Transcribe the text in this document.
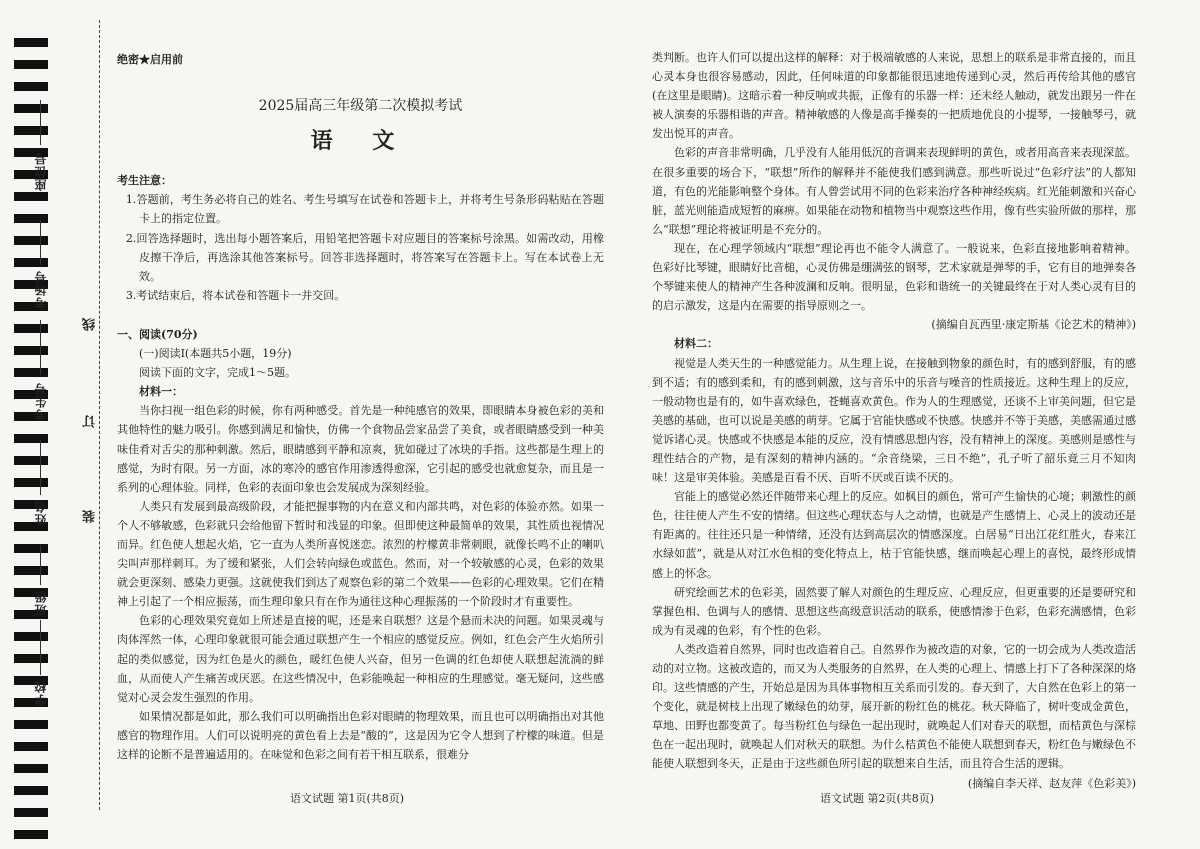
座位号
考场号
考生号
姓名
班级
学校
线
订
装

绝密★启用前

2025届高三年级第二次模拟考试
语 文

考生注意：

1.答题前，考生务必将自己的姓名、考生号填写在试卷和答题卡上，并将考生号条形码粘贴在答题卡上的指定位置。

2.回答选择题时，选出每小题答案后，用铅笔把答题卡对应题目的答案标号涂黑。如需改动，用橡皮擦干净后，再选涂其他答案标号。回答非选择题时，将答案写在答题卡上。写在本试卷上无效。

3.考试结束后，将本试卷和答题卡一并交回。

一、阅读(70分)

(一)阅读Ⅰ(本题共5小题，19分)

阅读下面的文字，完成1～5题。

材料一：

当你扫视一组色彩的时候，你有两种感受。首先是一种纯感官的效果，即眼睛本身被色彩的美和其他特性的魅力吸引。你感到满足和愉快，仿佛一个食物品尝家品尝了美食，或者眼睛感受到一种美味佳肴对舌尖的那种刺激。然后，眼睛感到平静和凉爽，犹如碰过了冰块的手指。这些都是生理上的感觉，为时有限。另一方面，冰的寒冷的感官作用渗透得愈深，它引起的感受也就愈复杂，而且是一系列的心理体验。同样，色彩的表面印象也会发展成为深刻经验。

人类只有发展到最高级阶段，才能把握事物的内在意义和内部共鸣，对色彩的体验亦然。如果一个人不够敏感，色彩就只会给他留下暂时和浅显的印象。但即使这种最简单的效果，其性质也视情况而异。红色使人想起火焰，它一直为人类所喜悦迷恋。浓烈的柠檬黄非常刺眼，就像长鸣不止的喇叭尖叫声那样刺耳。为了缓和紧张，人们会转向绿色或蓝色。然而，对一个较敏感的心灵，色彩的效果就会更深刻、感染力更强。这就使我们到达了观察色彩的第二个效果——色彩的心理效果。它们在精神上引起了一个相应振荡，而生理印象只有在作为通往这种心理振荡的一个阶段时才有重要性。

色彩的心理效果究竟如上所述是直接的呢，还是来自联想？这是个悬而未决的问题。如果灵魂与肉体浑然一体，心理印象就很可能会通过联想产生一个相应的感觉反应。例如，红色会产生火焰所引起的类似感觉，因为红色是火的颜色，暖红色使人兴奋，但另一色调的红色却使人联想起流淌的鲜血，从而使人产生痛苦或厌恶。在这些情况中，色彩能唤起一种相应的生理感觉。毫无疑问，这些感觉对心灵会发生强烈的作用。

如果情况都是如此，那么我们可以明确指出色彩对眼睛的物理效果，而且也可以明确指出对其他感官的物理作用。人们可以说明亮的黄色看上去是“酸的”，这是因为它令人想到了柠檬的味道。但是这样的论断不是普遍适用的。在味觉和色彩之间有若干相互联系，很难分

语文试题 第1页(共8页)

类判断。也许人们可以提出这样的解释：对于极端敏感的人来说，思想上的联系是非常直接的，而且心灵本身也很容易感动，因此，任何味道的印象都能很迅速地传递到心灵，然后再传给其他的感官(在这里是眼睛)。这暗示着一种反响或共振，正像有的乐器一样：还未经人触动，就发出跟另一件在被人演奏的乐器相谐的声音。精神敏感的人像是高手操奏的一把质地优良的小提琴，一接触琴弓，就发出悦耳的声音。

色彩的声音非常明确，几乎没有人能用低沉的音调来表现鲜明的黄色，或者用高音来表现深蓝。在很多重要的场合下，“联想”所作的解释并不能使我们感到满意。那些听说过“色彩疗法”的人都知道，有色的光能影响整个身体。有人曾尝试用不同的色彩来治疗各种神经疾病。红光能刺激和兴奋心脏，蓝光则能造成短暂的麻痹。如果能在动物和植物当中观察这些作用，像有些实验所做的那样，那么“联想”理论将被证明是不充分的。

现在，在心理学领域内“联想”理论再也不能令人满意了。一般说来，色彩直接地影响着精神。色彩好比琴键，眼睛好比音槌，心灵仿佛是绷满弦的钢琴，艺术家就是弹琴的手，它有目的地弹奏各个琴键来使人的精神产生各种波澜和反响。很明显，色彩和谐统一的关键最终在于对人类心灵有目的的启示激发，这是内在需要的指导原则之一。

(摘编自瓦西里·康定斯基《论艺术的精神》)

材料二：

视觉是人类天生的一种感觉能力。从生理上说，在接触到物象的颜色时，有的感到舒服，有的感到不适；有的感到柔和，有的感到刺激，这与音乐中的乐音与噪音的性质接近。这种生理上的反应，一般动物也是有的，如牛喜欢绿色，苍蝇喜欢黄色。作为人的生理感觉，还谈不上审美问题，但它是美感的基础，也可以说是美感的萌芽。它属于官能快感或不快感。快感并不等于美感，美感需通过感觉诉诸心灵。快感或不快感是本能的反应，没有情感思想内容，没有精神上的深度。美感则是感性与理性结合的产物，是有深刻的精神内涵的。“余音绕梁，三日不绝”，孔子听了韶乐竟三月不知肉味！这是审美体验。美感是百看不厌、百听不厌或百读不厌的。

官能上的感觉必然还伴随带来心理上的反应。如枫目的颜色，常可产生愉快的心境；刺激性的颜色，往往使人产生不安的情绪。但这些心理状态与人之动情，也就是产生感情上、心灵上的波动还是有距离的。往往还只是一种情绪，还没有达到高层次的情感深度。白居易“日出江花红胜火，春来江水绿如蓝”，就是从对江水色相的变化特点上，枯于官能快感，继而唤起心理上的喜悦，最终形成情感上的怀念。

研究绘画艺术的色彩美，固然要了解人对颜色的生理反应、心理反应，但更重要的还是要研究和掌握色相、色调与人的感情、思想这些高级意识活动的联系，使感情渗于色彩，色彩充满感情，色彩成为有灵魂的色彩，有个性的色彩。

人类改造着自然界，同时也改造着自己。自然界作为被改造的对象，它的一切会成为人类改造活动的对立物。这被改造的，而又为人类服务的自然界，在人类的心理上、情感上打下了各种深深的烙印。这些情感的产生，开始总是因为具体事物相互关系而引发的。春天到了，大自然在色彩上的第一个变化，就是树枝上出现了嫩绿色的幼芽，展开新的粉红色的桃花。秋天降临了，树叶变成金黄色，草地、田野也都变黄了。每当粉红色与绿色一起出现时，就唤起人们对春天的联想，而桔黄色与深棕色在一起出现时，就唤起人们对秋天的联想。为什么桔黄色不能使人联想到春天，粉红色与嫩绿色不能使人联想到冬天，正是由于这些颜色所引起的联想来自生活，而且符合生活的逻辑。

(摘编自李天祥、赵友萍《色彩美》)

语文试题 第2页(共8页)
